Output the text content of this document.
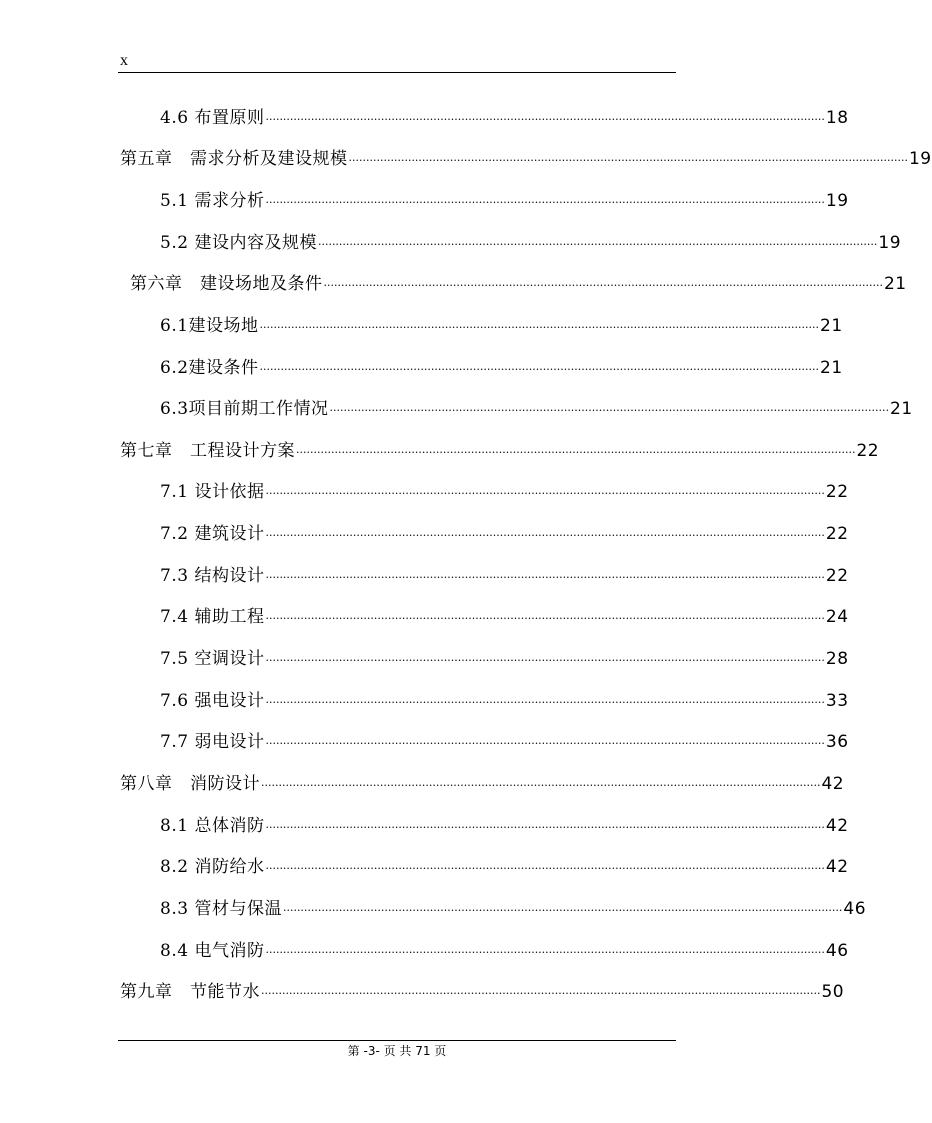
x
4.6
布置原则 ································································································································································ 18
第五章
　 需求分析及建设规模 ································································································································································ 19
5.1
需求分析 ································································································································································ 19
5.2
建设内容及规模 ································································································································································ 19
第六章
　 建设场地及条件 ································································································································································ 21
6.1 建设场地 ································································································································································ 21
6.2 建设条件 ································································································································································ 21
6.3 项目前期工作情况 ································································································································································ 21
第七章
　 工程设计方案 ································································································································································ 22
7.1
设计依据 ································································································································································ 22
7.2
建筑设计 ································································································································································ 22
7.3
结构设计 ································································································································································ 22
7.4
辅助工程 ································································································································································ 24
7.5
空调设计 ································································································································································ 28
7.6
强电设计 ································································································································································ 33
7.7
弱电设计 ································································································································································ 36
第八章
　 消防设计 ································································································································································ 42
8.1
总体消防 ································································································································································ 42
8.2
消防给水 ································································································································································ 42
8.3
管材与保温 ································································································································································ 46
8.4
电气消防 ································································································································································ 46
第九章
　 节能节水 ································································································································································ 50
第 -3- 页 共 71 页
